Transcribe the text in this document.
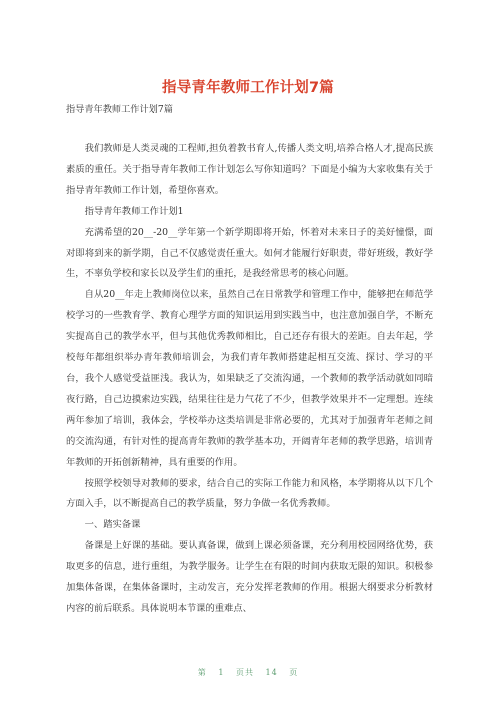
指导青年教师工作计划7篇
指导青年教师工作计划7篇

我们教师是人类灵魂的工程师,担负着教书育人,传播人类文明,培养合格人才,提高民族素质的重任。关于指导青年教师工作计划怎么写你知道吗？下面是小编为大家收集有关于指导青年教师工作计划，希望你喜欢。

指导青年教师工作计划1

充满希望的20__-20__学年第一个新学期即将开始，怀着对未来日子的美好憧憬，面对即将到来的新学期，自己不仅感觉责任重大。如何才能履行好职责，带好班级，教好学生，不辜负学校和家长以及学生们的重托，是我经常思考的核心问题。

自从20__年走上教师岗位以来，虽然自己在日常教学和管理工作中，能够把在师范学校学习的一些教育学、教育心理学方面的知识运用到实践当中，也注意加强自学，不断充实提高自己的教学水平，但与其他优秀教师相比，自己还存有很大的差距。自去年起，学校每年都组织举办青年教师培训会，为我们青年教师搭建起相互交流、探讨、学习的平台，我个人感觉受益匪浅。我认为，如果缺乏了交流沟通，一个教师的教学活动就如同暗夜行路，自己边摸索边实践，结果往往是力气花了不少，但教学效果并不一定理想。连续两年参加了培训，我体会，学校举办这类培训是非常必要的，尤其对于加强青年老师之间的交流沟通，有针对性的提高青年教师的教学基本功，开阔青年老师的教学思路，培训青年教师的开拓创新精神，具有重要的作用。

按照学校领导对教师的要求，结合自己的实际工作能力和风格，本学期将从以下几个方面入手，以不断提高自己的教学质量，努力争做一名优秀教师。

一、踏实备课

备课是上好课的基础。要认真备课，做到上课必须备课，充分利用校园网络优势，获取更多的信息，进行重组，为教学服务。让学生在有限的时间内获取无限的知识。积极参加集体备课，在集体备课时，主动发言，充分发挥老教师的作用。根据大纲要求分析教材内容的前后联系。具体说明本节课的重难点、

第 1 页共 14 页
